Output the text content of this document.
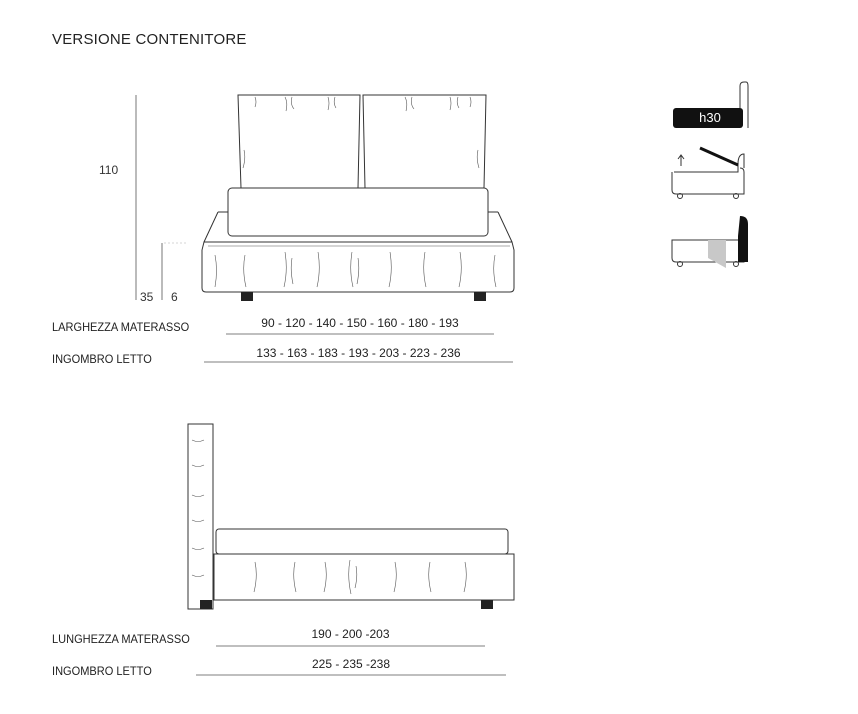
VERSIONE CONTENITORE
110
35 6
h30
LARGHEZZA MATERASSO	90 - 120 - 140 - 150 - 160 - 180 - 193
INGOMBRO LETTO	133 - 163 - 183 - 193 - 203 - 223 - 236
LUNGHEZZA MATERASSO	190 - 200 -203
INGOMBRO LETTO	225 - 235 -238
